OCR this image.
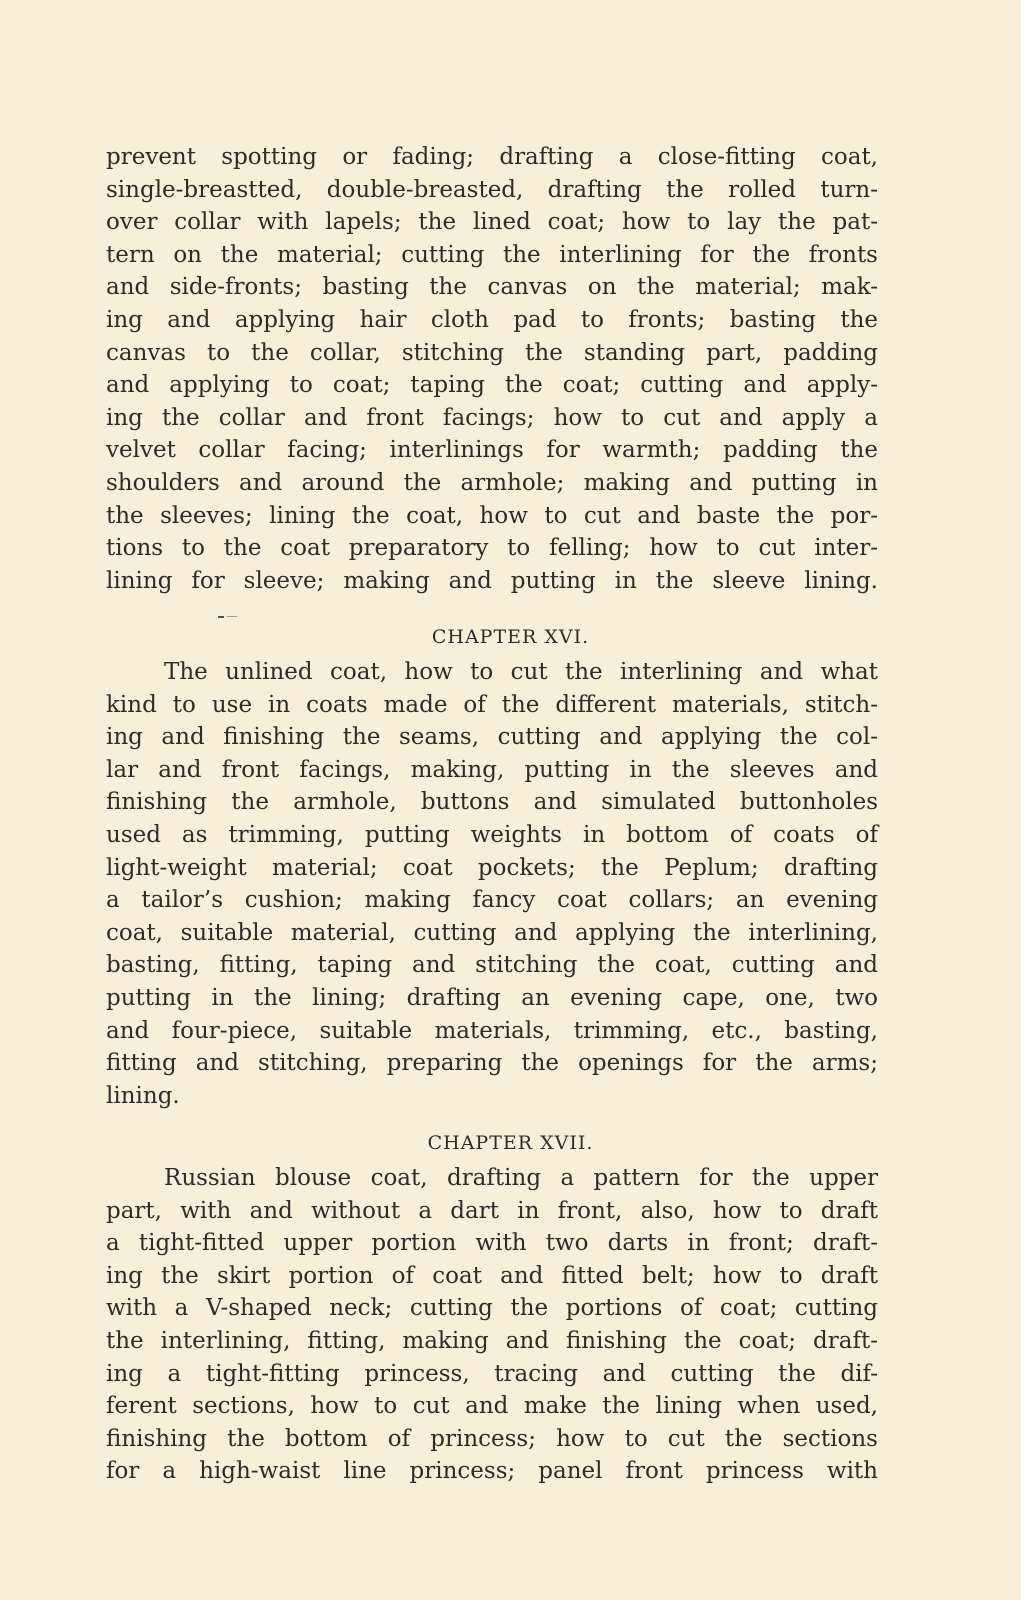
prevent spotting or fading; drafting a close-fitting coat,
single-breastted, double-breasted, drafting the rolled turn-
over collar with lapels; the lined coat; how to lay the pat-
tern on the material; cutting the interlining for the fronts
and side-fronts; basting the canvas on the material; mak-
ing and applying hair cloth pad to fronts; basting the
canvas to the collar, stitching the standing part, padding
and applying to coat; taping the coat; cutting and apply-
ing the collar and front facings; how to cut and apply a
velvet collar facing; interlinings for warmth; padding the
shoulders and around the armhole; making and putting in
the sleeves; lining the coat, how to cut and baste the por-
tions to the coat preparatory to felling; how to cut inter-
lining for sleeve; making and putting in the sleeve lining.
CHAPTER XVI.
The unlined coat, how to cut the interlining and what
kind to use in coats made of the different materials, stitch-
ing and finishing the seams, cutting and applying the col-
lar and front facings, making, putting in the sleeves and
finishing the armhole, buttons and simulated buttonholes
used as trimming, putting weights in bottom of coats of
light-weight material; coat pockets; the Peplum; drafting
a tailor’s cushion; making fancy coat collars; an evening
coat, suitable material, cutting and applying the interlining,
basting, fitting, taping and stitching the coat, cutting and
putting in the lining; drafting an evening cape, one, two
and four-piece, suitable materials, trimming, etc., basting,
fitting and stitching, preparing the openings for the arms;
lining.
CHAPTER XVII.
Russian blouse coat, drafting a pattern for the upper
part, with and without a dart in front, also, how to draft
a tight-fitted upper portion with two darts in front; draft-
ing the skirt portion of coat and fitted belt; how to draft
with a V-shaped neck; cutting the portions of coat; cutting
the interlining, fitting, making and finishing the coat; draft-
ing a tight-fitting princess, tracing and cutting the dif-
ferent sections, how to cut and make the lining when used,
finishing the bottom of princess; how to cut the sections
for a high-waist line princess; panel front princess with
